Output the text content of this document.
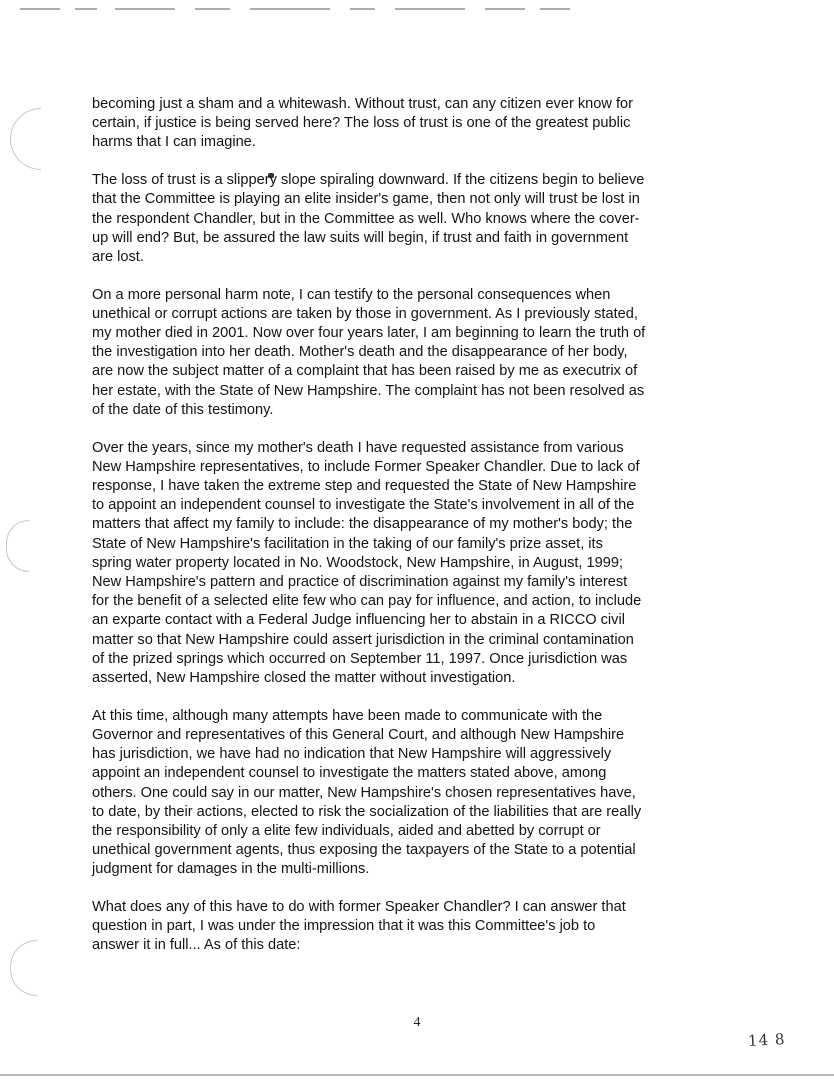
becoming just a sham and a whitewash. Without trust, can any citizen ever know for
certain, if justice is being served here? The loss of trust is one of the greatest public
harms that I can imagine.

The loss of trust is a slippery slope spiraling downward. If the citizens begin to believe
that the Committee is playing an elite insider's game, then not only will trust be lost in
the respondent Chandler, but in the Committee as well. Who knows where the cover-
up will end? But, be assured the law suits will begin, if trust and faith in government
are lost.

On a more personal harm note, I can testify to the personal consequences when
unethical or corrupt actions are taken by those in government. As I previously stated,
my mother died in 2001. Now over four years later, I am beginning to learn the truth of
the investigation into her death. Mother's death and the disappearance of her body,
are now the subject matter of a complaint that has been raised by me as executrix of
her estate, with the State of New Hampshire. The complaint has not been resolved as
of the date of this testimony.

Over the years, since my mother's death I have requested assistance from various
New Hampshire representatives, to include Former Speaker Chandler. Due to lack of
response, I have taken the extreme step and requested the State of New Hampshire
to appoint an independent counsel to investigate the State's involvement in all of the
matters that affect my family to include: the disappearance of my mother's body; the
State of New Hampshire's facilitation in the taking of our family's prize asset, its
spring water property located in No. Woodstock, New Hampshire, in August, 1999;
New Hampshire's pattern and practice of discrimination against my family's interest
for the benefit of a selected elite few who can pay for influence, and action, to include
an exparte contact with a Federal Judge influencing her to abstain in a RICCO civil
matter so that New Hampshire could assert jurisdiction in the criminal contamination
of the prized springs which occurred on September 11, 1997. Once jurisdiction was
asserted, New Hampshire closed the matter without investigation.

At this time, although many attempts have been made to communicate with the
Governor and representatives of this General Court, and although New Hampshire
has jurisdiction, we have had no indication that New Hampshire will aggressively
appoint an independent counsel to investigate the matters stated above, among
others. One could say in our matter, New Hampshire's chosen representatives have,
to date, by their actions, elected to risk the socialization of the liabilities that are really
the responsibility of only a elite few individuals, aided and abetted by corrupt or
unethical government agents, thus exposing the taxpayers of the State to a potential
judgment for damages in the multi-millions.

What does any of this have to do with former Speaker Chandler? I can answer that
question in part, I was under the impression that it was this Committee's job to
answer it in full... As of this date:

4
14 8
